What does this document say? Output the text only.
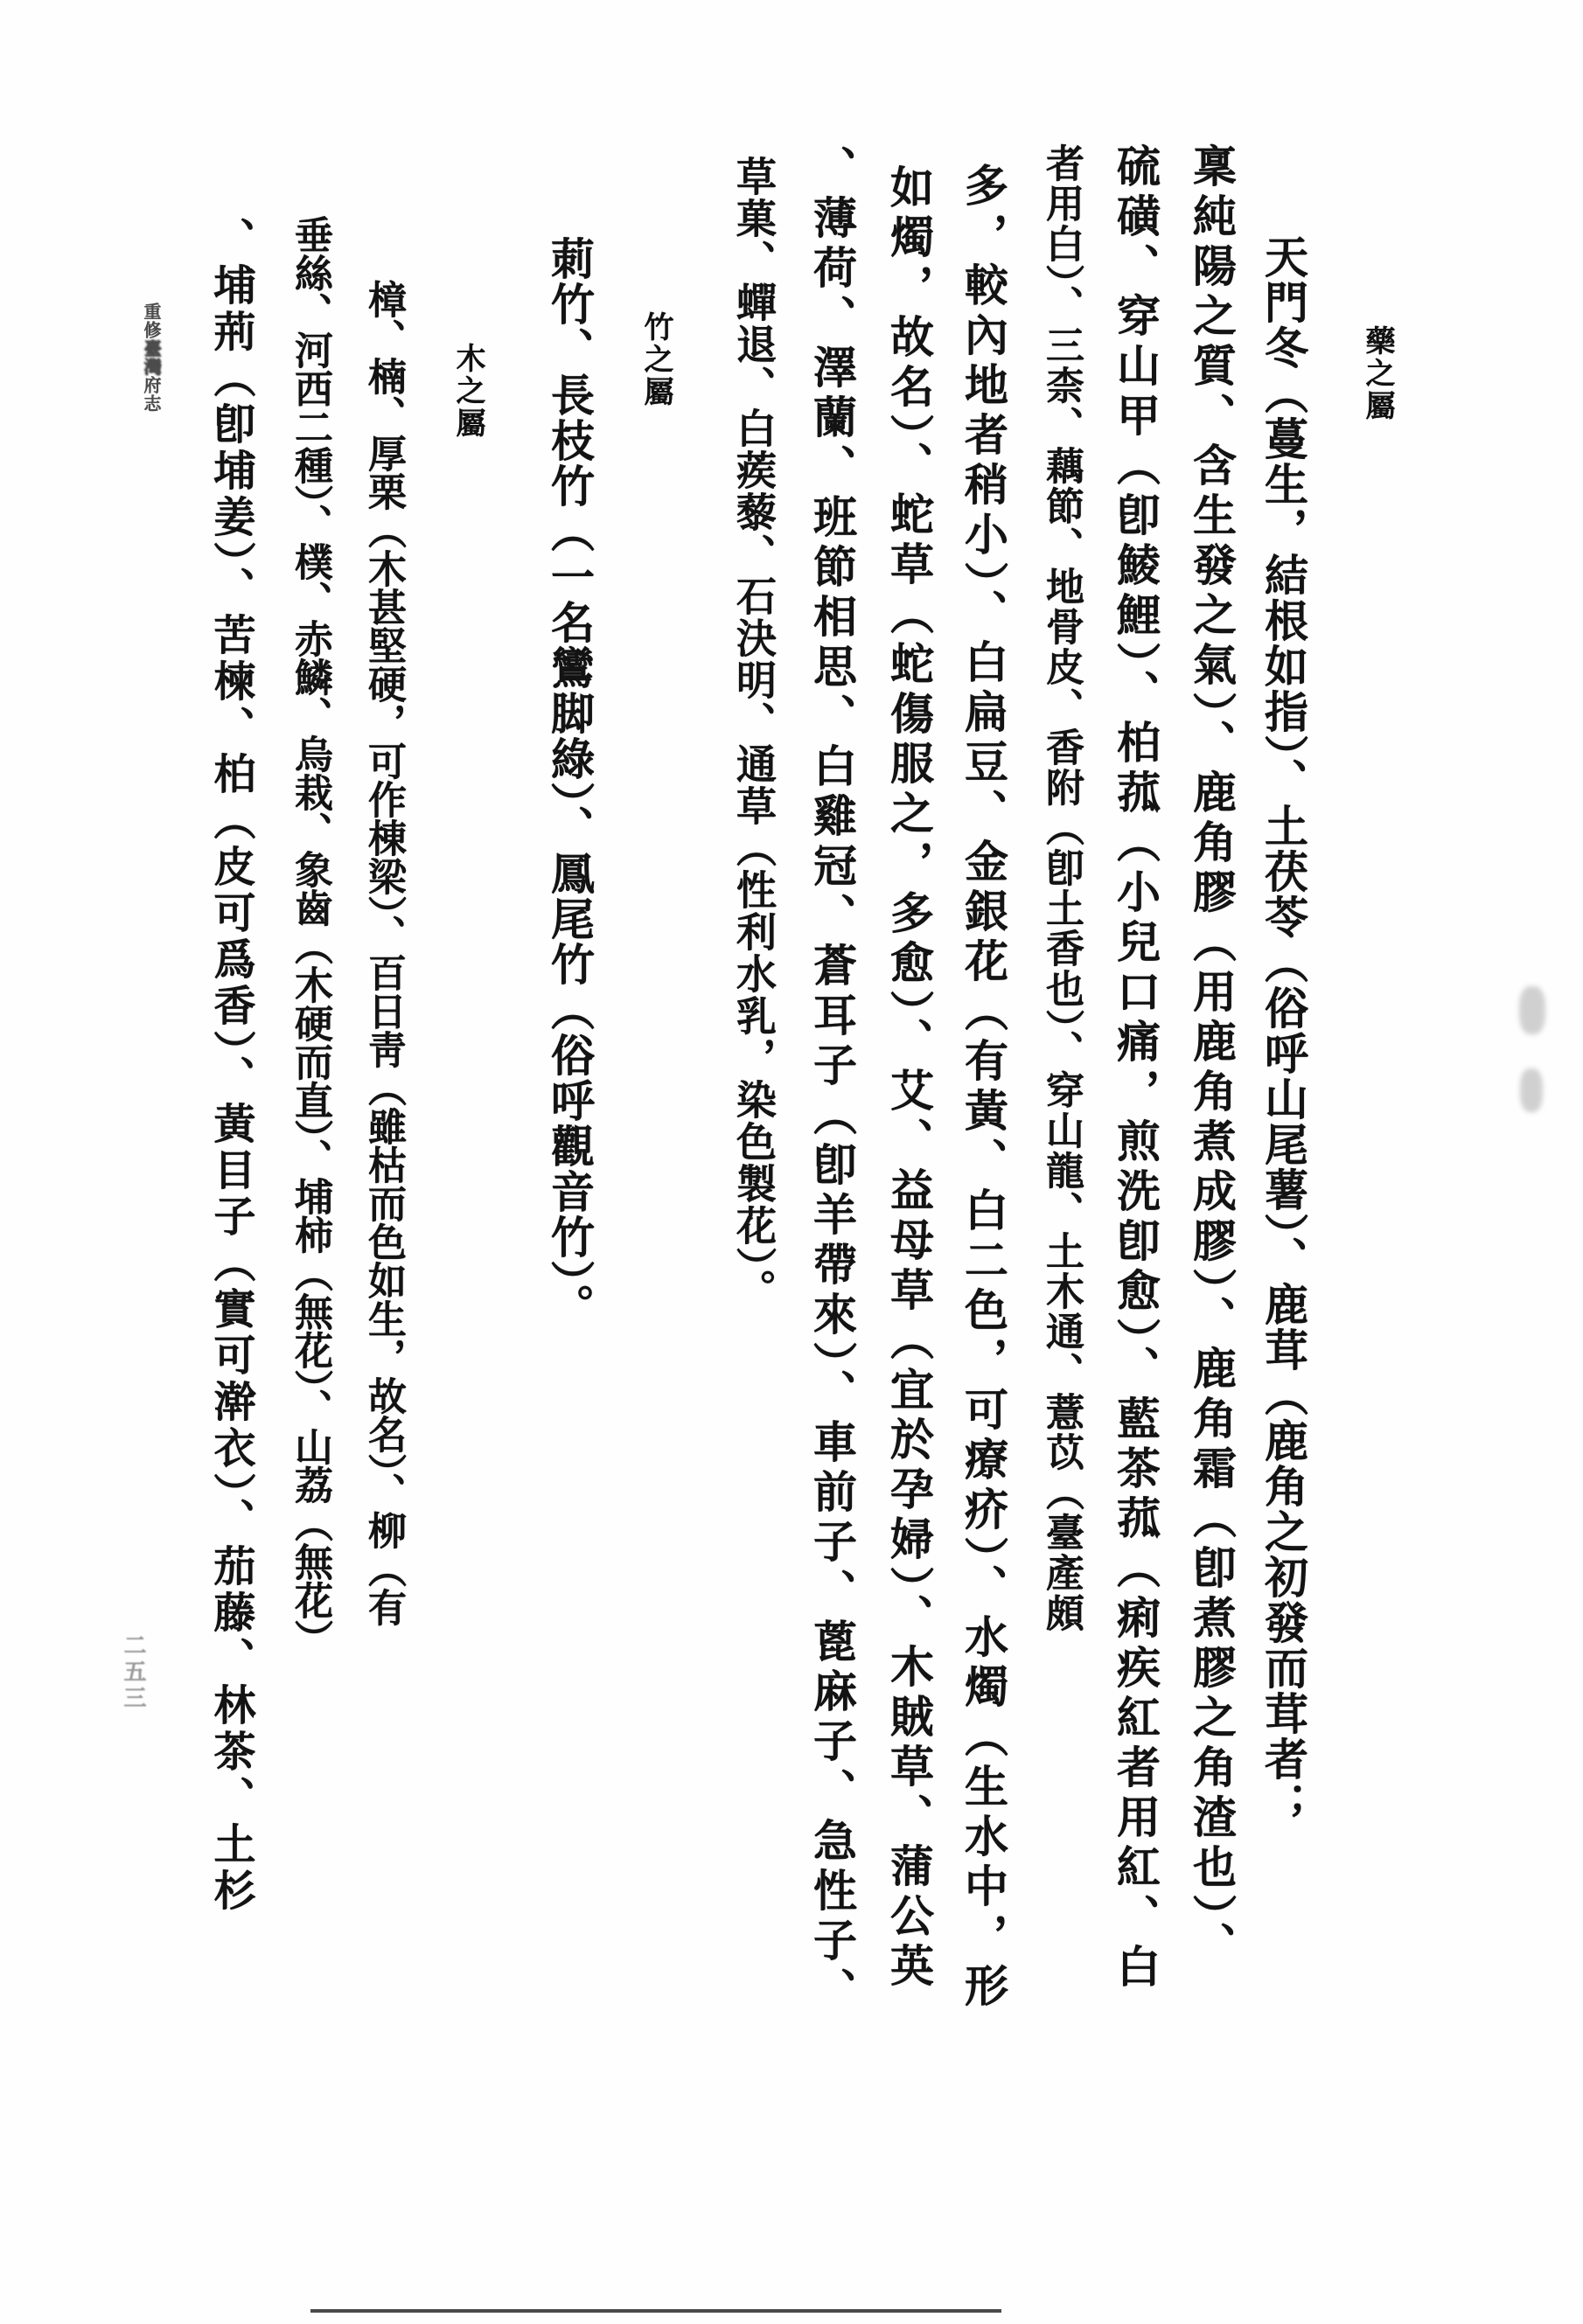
藥之屬
天門冬（蔓生，結根如指）、土茯苓（俗呼山尾薯）、鹿茸（鹿角之初發而茸者；
稟純陽之質、含生發之氣）、鹿角膠（用鹿角煮成膠）、鹿角霜（卽煮膠之角渣也）、
硫磺、穿山甲（卽鯪鯉）、柏菰（小兒口痛，煎洗卽愈）、藍茶菰（痢疾紅者用紅、白
者用白）、三柰、藕節、地骨皮、香附（卽土香也）、穿山龍、土木通、薏苡（臺產頗
多，較內地者稍小）、白扁豆、金銀花（有黃、白二色，可療疥）、水燭（生水中，形
如燭，故名）、蛇草（蛇傷服之，多愈）、艾、益母草（宜於孕婦）、木賊草、蒲公英
、薄荷、澤蘭、班節相思、白雞冠、蒼耳子（卽羊帶來）、車前子、蓖麻子、急性子、
草菓、蟬退、白蒺藜、石決明、通草（性利水乳，染色製花）。
竹之屬
莿竹、長枝竹（一名鸞脚綠）、鳳尾竹（俗呼觀音竹）。
木之屬
樟、楠、厚栗（木甚堅硬，可作棟梁）、百日靑（雖枯而色如生，故名）、柳（有
垂絲、河西二種）、樸、赤鱗、烏栽、象齒（木硬而直）、埔柿（無花）、山荔（無花）
、埔荊（卽埔姜）、苦楝、柏（皮可爲香）、黃目子（實可澣衣）、茄藤、林茶、土杉
重修臺灣府志
二五三
